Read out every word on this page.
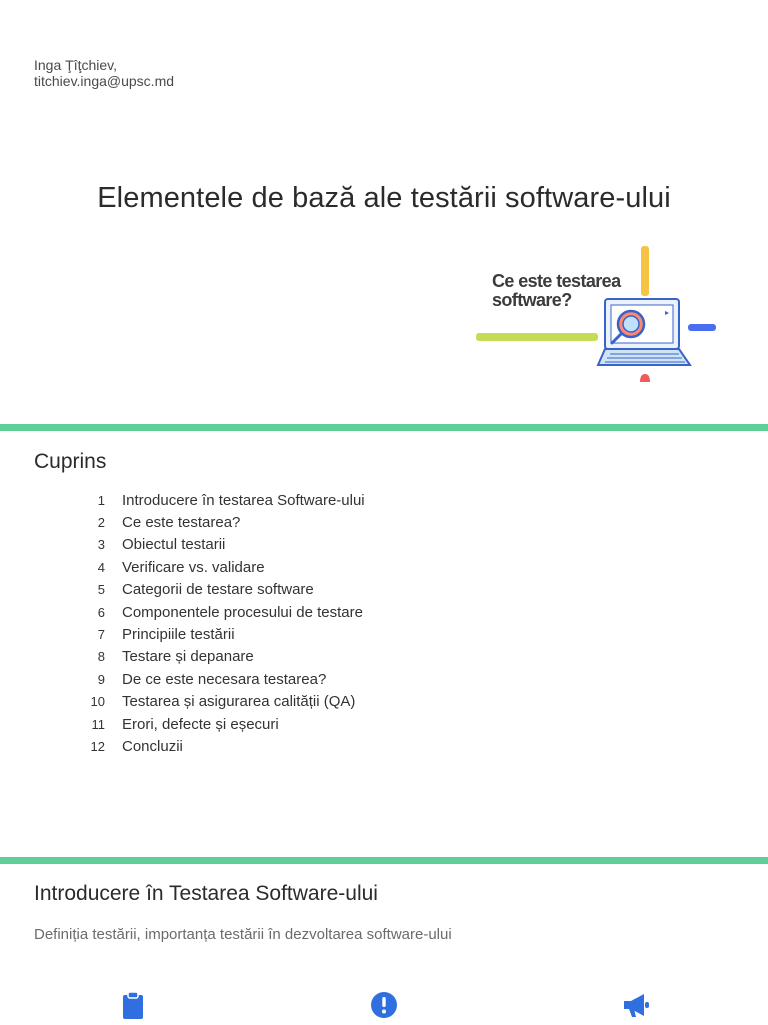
Inga Ţîţchiev,
titchiev.inga@upsc.md
Elementele de bază ale testării software-ului
Ce este testarea
software?
Cuprins
1 Introducere în testarea Software-ului
2 Ce este testarea?
3 Obiectul testarii
4 Verificare vs. validare
5 Categorii de testare software
6 Componentele procesului de testare
7 Principiile testării
8 Testare și depanare
9 De ce este necesara testarea?
10 Testarea și asigurarea calității (QA)
11 Erori, defecte și eșecuri
12 Concluzii
Introducere în Testarea Software-ului
Definiția testării, importanța testării în dezvoltarea software-ului
